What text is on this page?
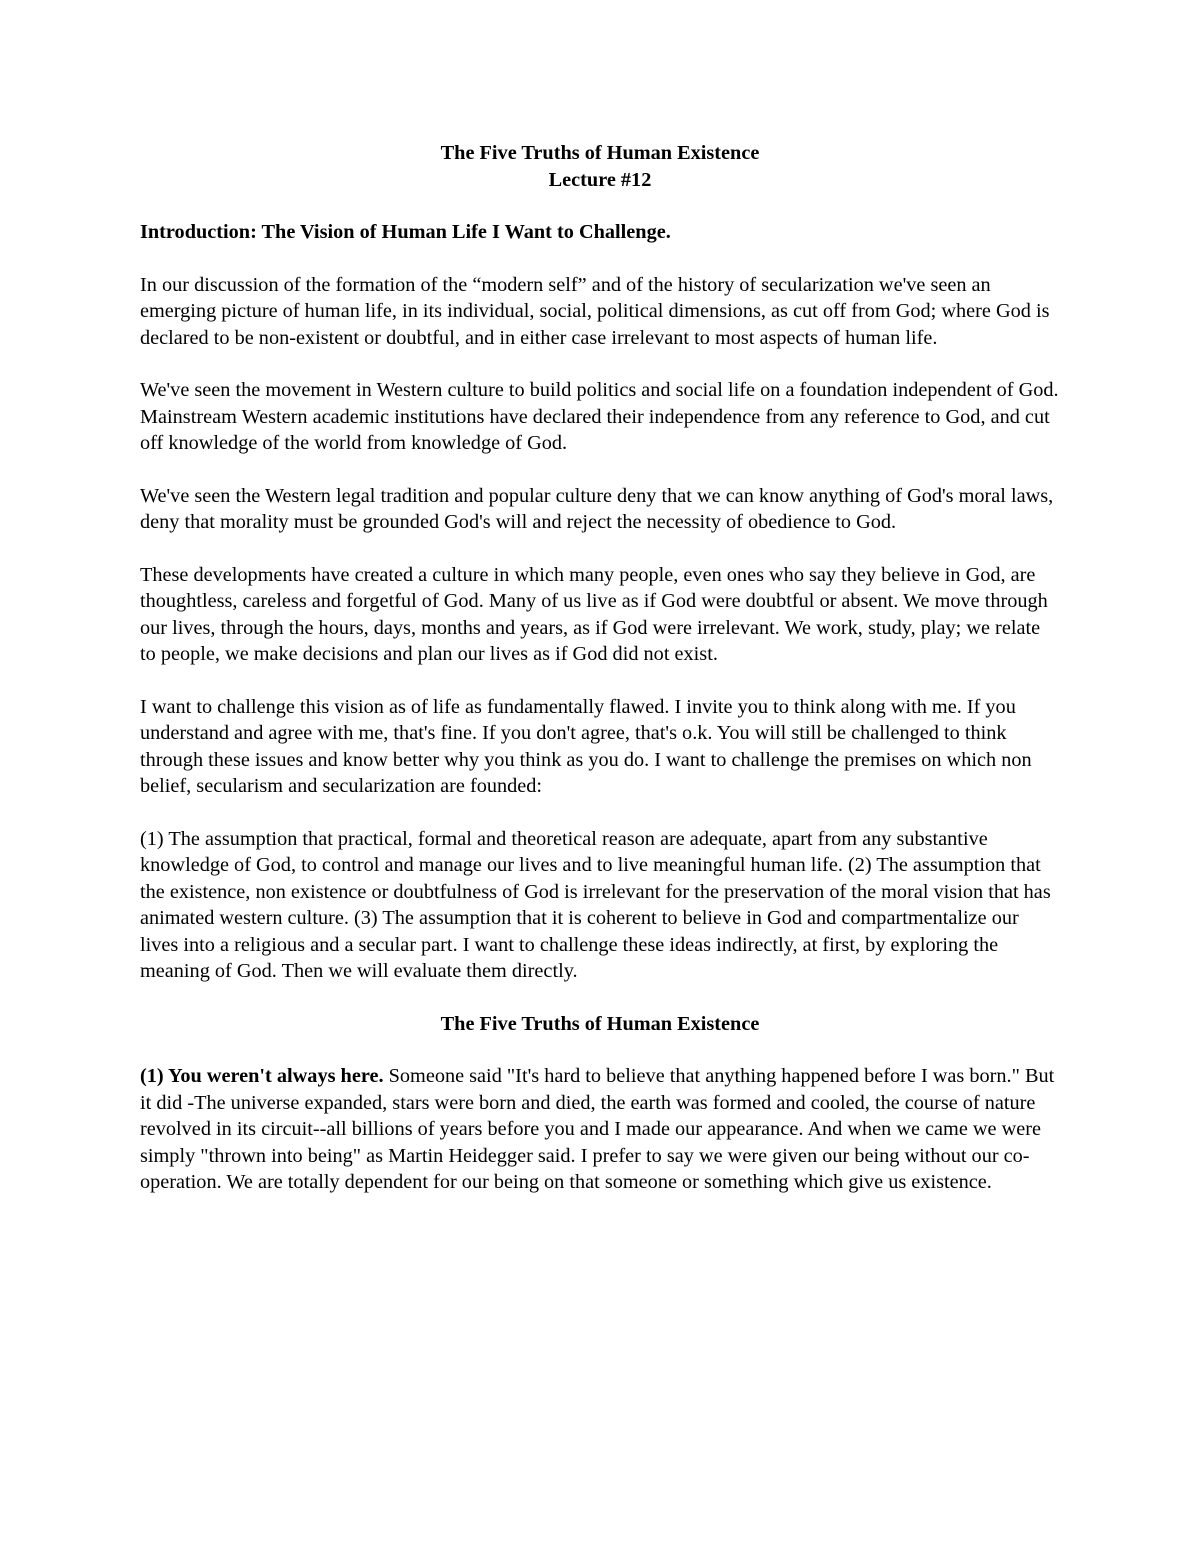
The Five Truths of Human Existence
Lecture #12
Introduction: The Vision of Human Life I Want to Challenge.

In our discussion of the formation of the “modern self” and of the history of secularization we've seen an emerging picture of human life, in its individual, social, political dimensions, as cut off from God; where God is declared to be non-existent or doubtful, and in either case irrelevant to most aspects of human life.

We've seen the movement in Western culture to build politics and social life on a foundation independent of God. Mainstream Western academic institutions have declared their independence from any reference to God, and cut off knowledge of the world from knowledge of God.

We've seen the Western legal tradition and popular culture deny that we can know anything of God's moral laws, deny that morality must be grounded God's will and reject the necessity of obedience to God.

These developments have created a culture in which many people, even ones who say they believe in God, are thoughtless, careless and forgetful of God. Many of us live as if God were doubtful or absent. We move through our lives, through the hours, days, months and years, as if God were irrelevant. We work, study, play; we relate to people, we make decisions and plan our lives as if God did not exist.

I want to challenge this vision as of life as fundamentally flawed. I invite you to think along with me. If you understand and agree with me, that's fine. If you don't agree, that's o.k. You will still be challenged to think through these issues and know better why you think as you do. I want to challenge the premises on which non belief, secularism and secularization are founded:

(1) The assumption that practical, formal and theoretical reason are adequate, apart from any substantive knowledge of God, to control and manage our lives and to live meaningful human life. (2) The assumption that the existence, non existence or doubtfulness of God is irrelevant for the preservation of the moral vision that has animated western culture. (3) The assumption that it is coherent to believe in God and compartmentalize our lives into a religious and a secular part. I want to challenge these ideas indirectly, at first, by exploring the meaning of God. Then we will evaluate them directly.

The Five Truths of Human Existence

(1) You weren't always here. Someone said "It's hard to believe that anything happened before I was born." But it did -The universe expanded, stars were born and died, the earth was formed and cooled, the course of nature revolved in its circuit--all billions of years before you and I made our appearance. And when we came we were simply "thrown into being" as Martin Heidegger said. I prefer to say we were given our being without our co-operation. We are totally dependent for our being on that someone or something which give us existence.
